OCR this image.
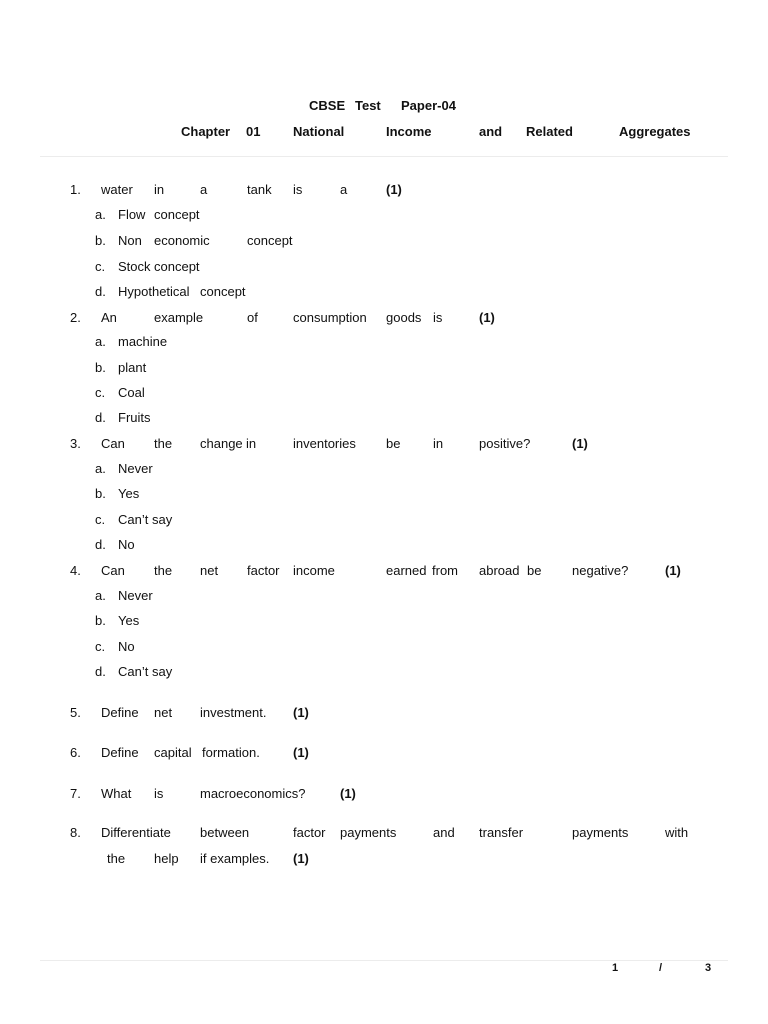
CBSE Test Paper-04
Chapter 01	National	Income	and Related	Aggregates
1. water in	a	tank is	a	(1)
a. Flow concept
b. Non economic	concept
c. Stock concept
d. Hypothetical concept
2. An	example	of	consumption goods is	(1)
a. machine
b. plant
c. Coal
d. Fruits
3. Can the change in	inventories be	in	positive?	(1)
a. Never
b. Yes
c. Can’t say
d. No
4. Can the net factor income	earned from abroad be negative?	(1)
a. Never
b. Yes
c. No
d. Can’t say
5. Define net investment. (1)
6. Define capital formation.	(1)
7. What is	macroeconomics?	(1)
8. Differentiate between	factor payments	and transfer	payments	with
the help if examples. (1)
1	/	3
